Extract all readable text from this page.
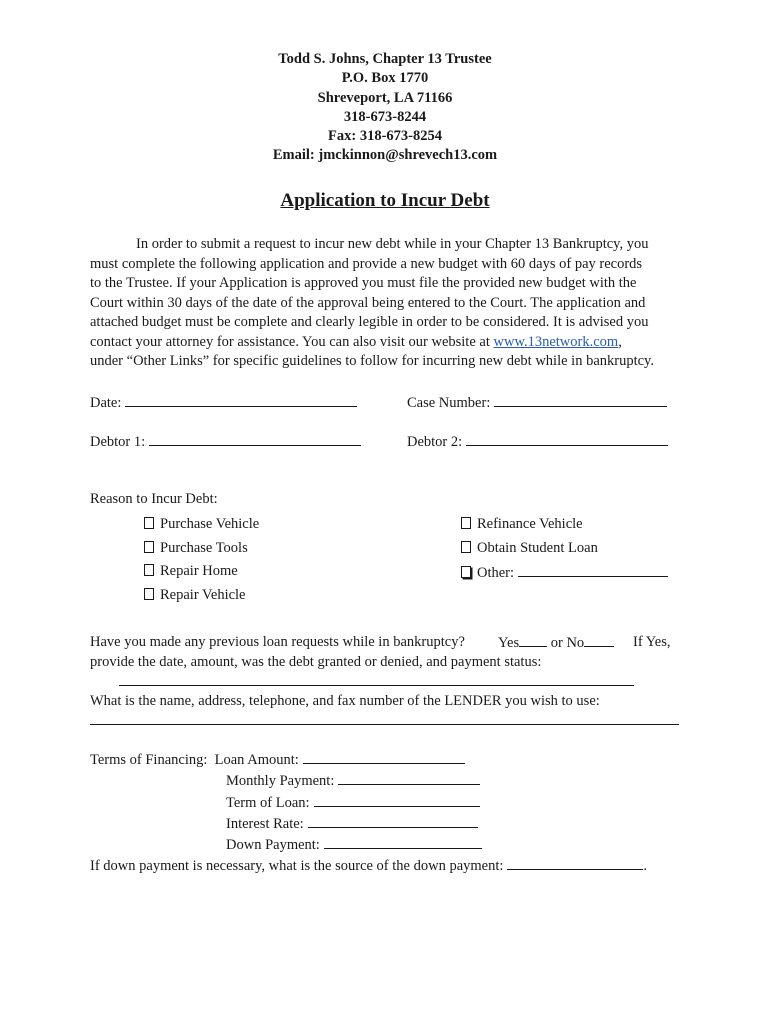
Todd S. Johns, Chapter 13 Trustee
P.O. Box 1770
Shreveport, LA 71166
318-673-8244
Fax: 318-673-8254
Email: jmckinnon@shrevech13.com
Application to Incur Debt
In order to submit a request to incur new debt while in your Chapter 13 Bankruptcy, you
must complete the following application and provide a new budget with 60 days of pay records
to the Trustee. If your Application is approved you must file the provided new budget with the
Court within 30 days of the date of the approval being entered to the Court. The application and
attached budget must be complete and clearly legible in order to be considered. It is advised you
contact your attorney for assistance. You can also visit our website at www.13network.com,
under “Other Links” for specific guidelines to follow for incurring new debt while in bankruptcy.
Date:	Case Number:
Debtor 1:	Debtor 2:
Reason to Incur Debt:
Purchase Vehicle
Purchase Tools
Repair Home
Repair Vehicle
Refinance Vehicle
Obtain Student Loan
Other:
Have you made any previous loan requests while in bankruptcy? Yes or No	If Yes,
provide the date, amount, was the debt granted or denied, and payment status:
What is the name, address, telephone, and fax number of the LENDER you wish to use:
Terms of Financing: Loan Amount:
Monthly Payment:
Term of Loan:
Interest Rate:
Down Payment:
If down payment is necessary, what is the source of the down payment:	.
